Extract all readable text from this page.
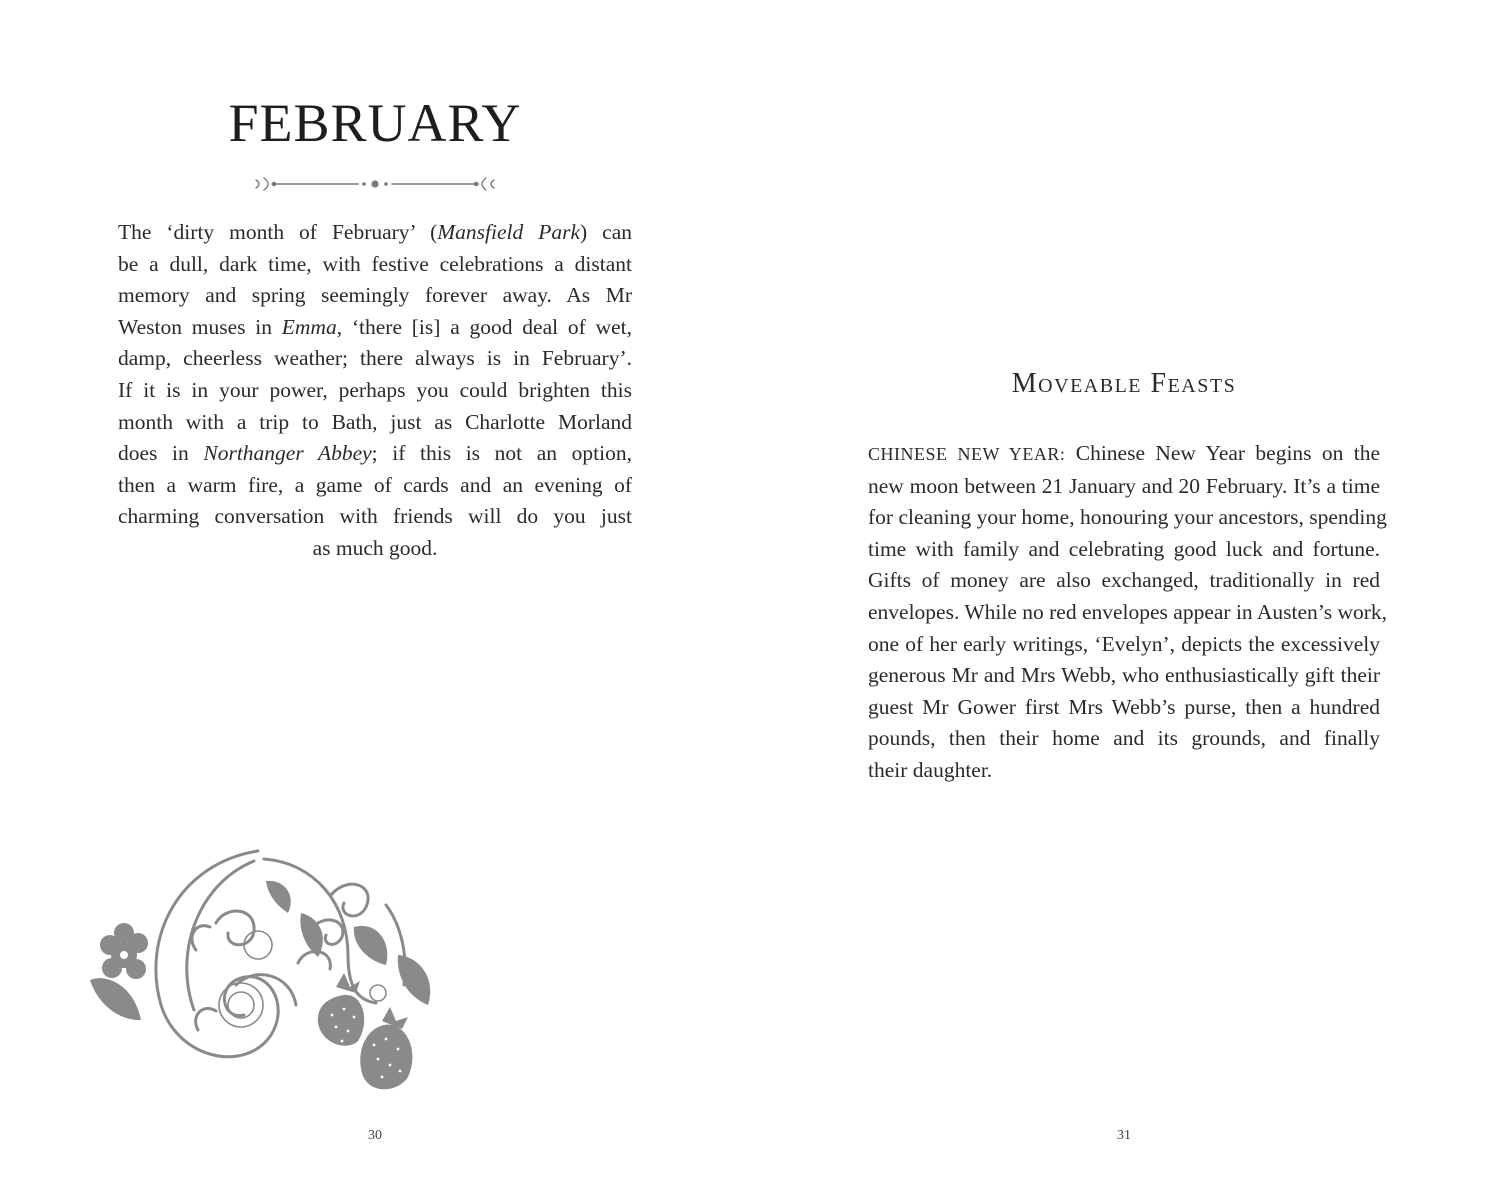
FEBRUARY

The ‘dirty month of February’ (Mansfield Park) can
be a dull, dark time, with festive celebrations a distant
memory and spring seemingly forever away. As Mr
Weston muses in Emma, ‘there [is] a good deal of wet,
damp, cheerless weather; there always is in February’.
If it is in your power, perhaps you could brighten this
month with a trip to Bath, just as Charlotte Morland
does in Northanger Abbey; if this is not an option,
then a warm fire, a game of cards and an evening of
charming conversation with friends will do you just
as much good.

30
Moveable Feasts

CHINESE NEW YEAR: Chinese New Year begins on the
new moon between 21 January and 20 February. It’s a time
for cleaning your home, honouring your ancestors, spending
time with family and celebrating good luck and fortune.
Gifts of money are also exchanged, traditionally in red
envelopes. While no red envelopes appear in Austen’s work,
one of her early writings, ‘Evelyn’, depicts the excessively
generous Mr and Mrs Webb, who enthusiastically gift their
guest Mr Gower first Mrs Webb’s purse, then a hundred
pounds, then their home and its grounds, and finally
their daughter.

31
